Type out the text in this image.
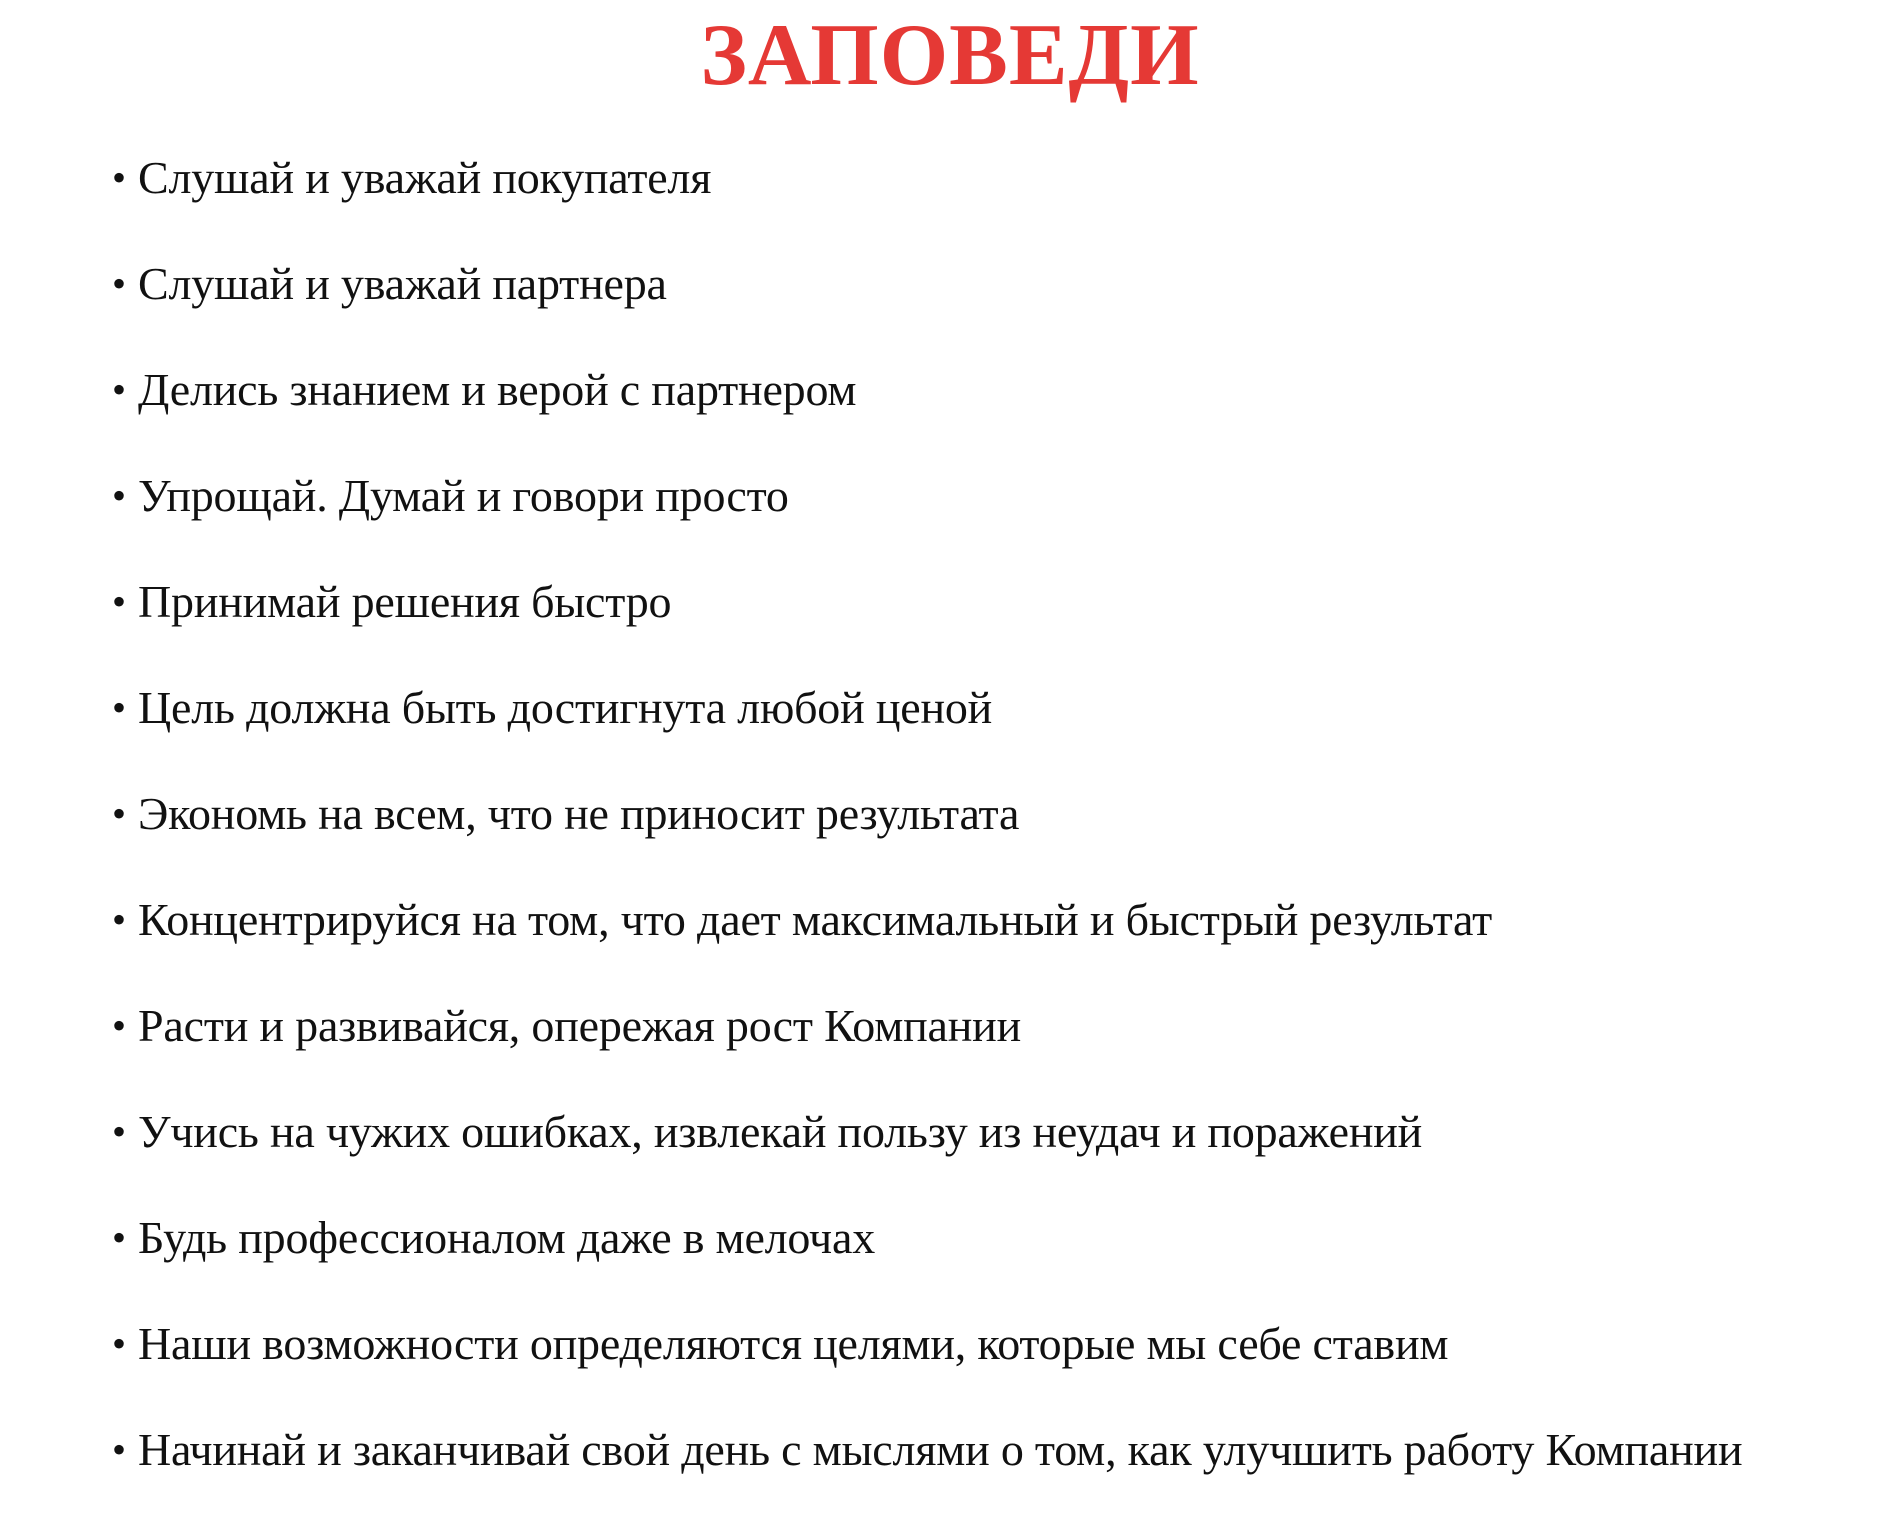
ЗАПОВЕДИ
• Слушай и уважай покупателя
• Слушай и уважай партнера
• Делись знанием и верой с партнером
• Упрощай. Думай и говори просто
• Принимай решения быстро
• Цель должна быть достигнута любой ценой
• Экономь на всем, что не приносит результата
• Концентрируйся на том, что дает максимальный и быстрый результат
• Расти и развивайся, опережая рост Компании
• Учись на чужих ошибках, извлекай пользу из неудач и поражений
• Будь профессионалом даже в мелочах
• Наши возможности определяются целями, которые мы себе ставим
• Начинай и заканчивай свой день с мыслями о том, как улучшить работу Компании
